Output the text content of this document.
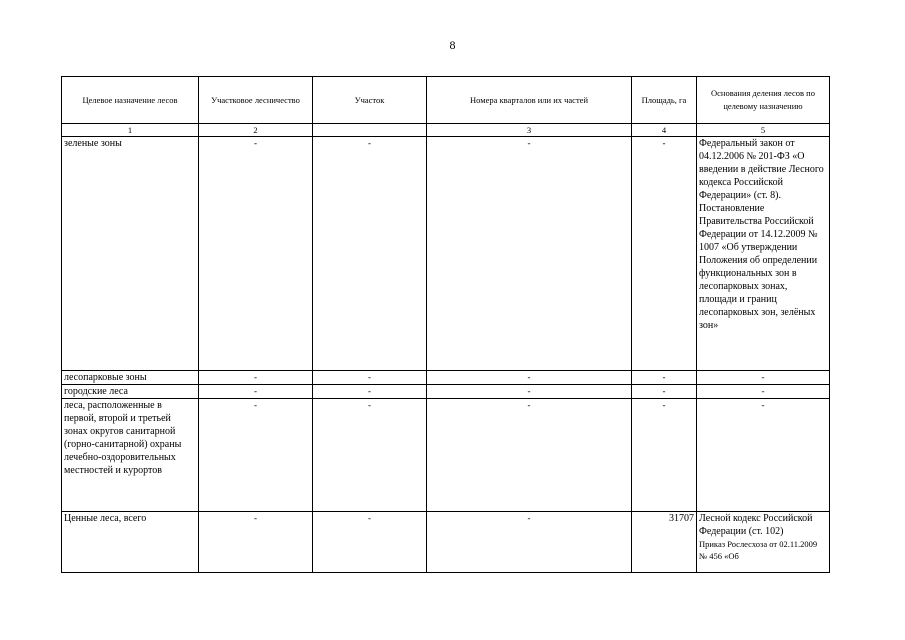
8
Целевое назначение лесов	Участковое лесничество	Участок	Номера кварталов или их частей	Площадь, га	Основания деления лесов по целевому назначению
1	2		3	4	5
зеленые зоны	-	-	-	-	Федеральный закон от 04.12.2006 № 201-ФЗ «О введении в действие Лесного кодекса Российской Федерации» (ст. 8). Постановление Правительства Российской Федерации от 14.12.2009 № 1007 «Об утверждении Положения об определении функциональных зон в лесопарковых зонах, площади и границ лесопарковых зон, зелёных зон»
лесопарковые зоны	-	-	-	-	-
городские леса	-	-	-	-	-
леса, расположенные в первой, второй и третьей зонах округов санитарной (горно-санитарной) охраны лечебно-оздоровительных местностей и курортов	-	-	-	-	-
Ценные леса, всего	-	-	-	31707	Лесной кодекс Российской Федерации (ст. 102)
Приказ Рослесхоза от 02.11.2009 № 456 «Об
